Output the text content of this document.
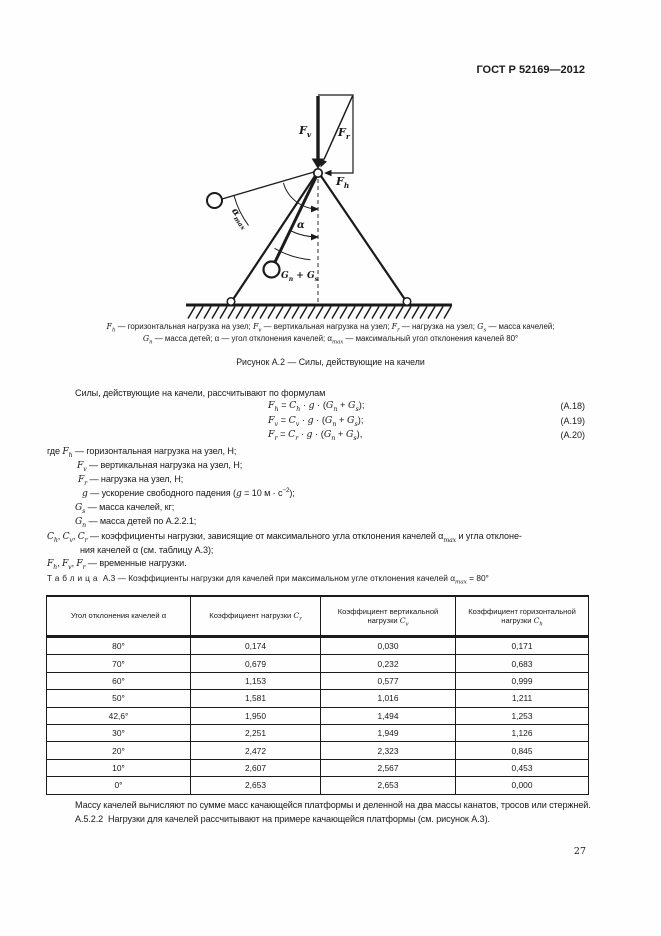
ГОСТ Р 52169—2012
$F_v$ $F_r$
$F_h$
$G_п + G_s$
α
$\alpha_{max}$
$F_h$ — горизонтальная нагрузка на узел; $F_v$ — вертикальная нагрузка на узел; $F_r$ — нагрузка на узел; $G_s$ — масса качелей;
$G_п$ — масса детей; α — угол отклонения качелей; $\alpha_{max}$ — максимальный угол отклонения качелей 80°
Рисунок А.2 — Силы, действующие на качели
Силы, действующие на качели, рассчитывают по формулам
$F_h = C_h \cdot g \cdot (G_п + G_s)$;	(А.18)
$F_v = C_v \cdot g \cdot (G_п + G_s)$;	(А.19)
$F_r = C_r \cdot g \cdot (G_п + G_s)$,	(А.20)
где $F_h$ — горизонтальная нагрузка на узел, Н;
$F_v$ — вертикальная нагрузка на узел, Н;
$F_r$ — нагрузка на узел, Н;
g — ускорение свободного падения (g = 10 $м \cdot с^{-2}$);
$G_s$ — масса качелей, кг;
$G_п$ — масса детей по А.2.2.1;
$C_h$, $C_v$, $C_r$ — коэффициенты нагрузки, зависящие от максимального угла отклонения качелей $\alpha_{max}$ и угла отклоне-
ния качелей α (см. таблицу А.3);
$F_h$, $F_v$, $F_r$ — временные нагрузки.
Таблица А.3 — Коэффициенты нагрузки для качелей при максимальном угле отклонения качелей $\alpha_{max} = 80^\circ$
Угол отклонения качелей α	Коэффициент нагрузки $C_r$	Коэффициент вертикальной нагрузки $C_v$	Коэффициент горизонтальной нагрузки $C_h$
80°	0,174	0,030	0,171
70°	0,679	0,232	0,683
60°	1,153	0,577	0,999
50°	1,581	1,016	1,211
42,6°	1,950	1,494	1,253
30°	2,251	1,949	1,126
20°	2,472	2,323	0,845
10°	2,607	2,567	0,453
0°	2,653	2,653	0,000

Массу качелей вычисляют по сумме масс качающейся платформы и деленной на два массы канатов, тросов или стержней.

А.5.2.2 Нагрузки для качелей рассчитывают на примере качающейся платформы (см. рисунок А.3).

27
